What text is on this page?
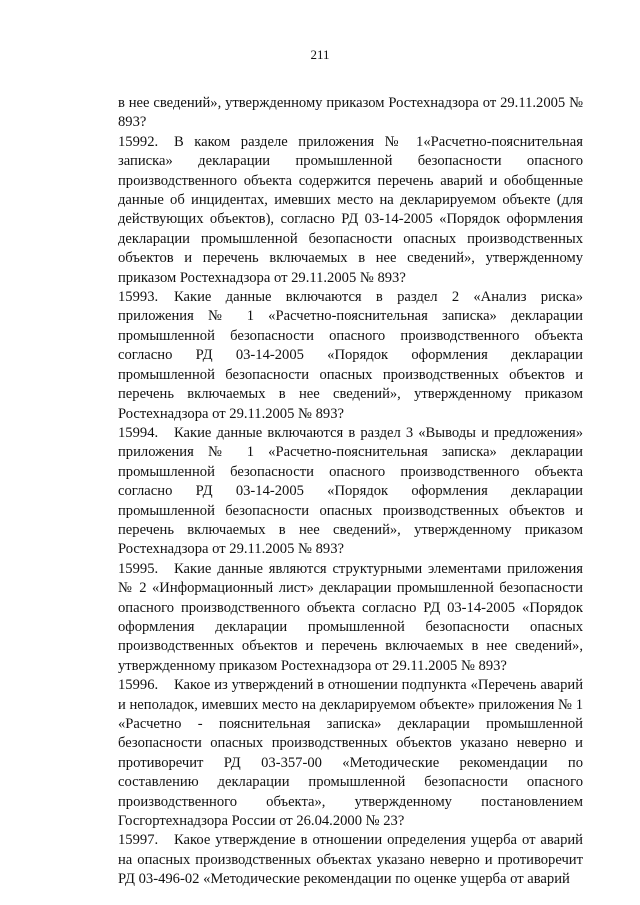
211

в нее сведений», утвержденному приказом Ростехнадзора от 29.11.2005 № 893?

15992. В каком разделе приложения № 1«Расчетно-пояснительная записка» декларации промышленной безопасности опасного производственного объекта содержится перечень аварий и обобщенные данные об инцидентах, имевших место на декларируемом объекте (для действующих объектов), согласно РД 03-14-2005 «Порядок оформления декларации промышленной безопасности опасных производственных объектов и перечень включаемых в нее сведений», утвержденному приказом Ростехнадзора от 29.11.2005 № 893?

15993. Какие данные включаются в раздел 2 «Анализ риска» приложения № 1 «Расчетно-пояснительная записка» декларации промышленной безопасности опасного производственного объекта согласно РД 03-14-2005 «Порядок оформления декларации промышленной безопасности опасных производственных объектов и перечень включаемых в нее сведений», утвержденному приказом Ростехнадзора от 29.11.2005 № 893?

15994. Какие данные включаются в раздел 3 «Выводы и предложения» приложения № 1 «Расчетно-пояснительная записка» декларации промышленной безопасности опасного производственного объекта согласно РД 03-14-2005 «Порядок оформления декларации промышленной безопасности опасных производственных объектов и перечень включаемых в нее сведений», утвержденному приказом Ростехнадзора от 29.11.2005 № 893?

15995. Какие данные являются структурными элементами приложения № 2 «Информационный лист» декларации промышленной безопасности опасного производственного объекта согласно РД 03-14-2005 «Порядок оформления декларации промышленной безопасности опасных производственных объектов и перечень включаемых в нее сведений», утвержденному приказом Ростехнадзора от 29.11.2005 № 893?

15996. Какое из утверждений в отношении подпункта «Перечень аварий и неполадок, имевших место на декларируемом объекте» приложения № 1 «Расчетно - пояснительная записка» декларации промышленной безопасности опасных производственных объектов указано неверно и противоречит РД 03-357-00 «Методические рекомендации по составлению декларации промышленной безопасности опасного производственного объекта», утвержденному постановлением Госгортехнадзора России от 26.04.2000 № 23?

15997. Какое утверждение в отношении определения ущерба от аварий на опасных производственных объектах указано неверно и противоречит РД 03-496-02 «Методические рекомендации по оценке ущерба от аварий
